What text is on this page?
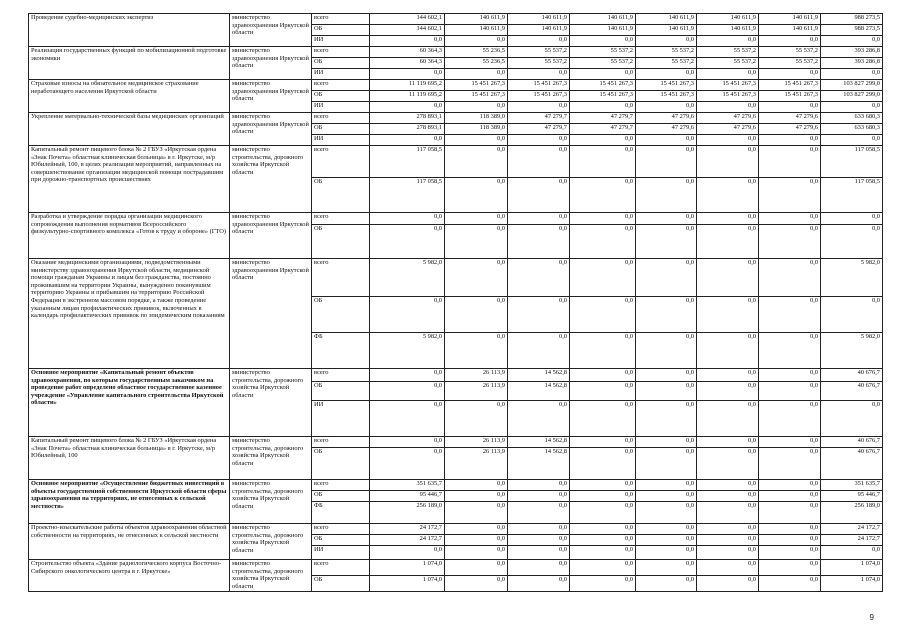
Проведение судебно-медицинских экспертиз	министерство здравоохранения Иркутской области	всего	144 602,1	140 611,9	140 611,9	140 611,9	140 611,9	140 611,9	140 611,9	988 273,5
		ОБ	144 602,1	140 611,9	140 611,9	140 611,9	140 611,9	140 611,9	140 611,9	988 273,5
		ИИ	0,0	0,0	0,0	0,0	0,0	0,0	0,0	0,0
Реализация государственных функций по мобилизационной подготовке экономики	министерство здравоохранения Иркутской области	всего	60 364,3	55 236,5	55 537,2	55 537,2	55 537,2	55 537,2	55 537,2	393 286,8
		ОБ	60 364,3	55 236,5	55 537,2	55 537,2	55 537,2	55 537,2	55 537,2	393 286,8
		ИИ	0,0	0,0	0,0	0,0	0,0	0,0	0,0	0,0
Страховые взносы на обязательное медицинское страхование неработающего населения Иркутской области	министерство здравоохранения Иркутской области	всего	11 119 695,2	15 451 267,3	15 451 267,3	15 451 267,3	15 451 267,3	15 451 267,3	15 451 267,3	103 827 299,0
		ОБ	11 119 695,2	15 451 267,3	15 451 267,3	15 451 267,3	15 451 267,3	15 451 267,3	15 451 267,3	103 827 299,0
		ИИ	0,0	0,0	0,0	0,0	0,0	0,0	0,0	0,0
Укрепление материально-технической базы медицинских организаций	министерство здравоохранения Иркутской области	всего	278 893,1	118 389,0	47 279,7	47 279,7	47 279,6	47 279,6	47 279,6	633 680,3
		ОБ	278 893,1	118 389,0	47 279,7	47 279,7	47 279,6	47 279,6	47 279,6	633 680,3
		ИИ	0,0	0,0	0,0	0,0	0,0	0,0	0,0	0,0
Капитальный ремонт пищевого блока № 2 ГБУЗ «Иркутская ордена «Знак Почета» областная клиническая больница» в г. Иркутске, м/р Юбилейный, 100, в целях реализации мероприятий, направленных на совершенствование организации медицинской помощи пострадавшим при дорожно-транспортных происшествиях	министерство строительства, дорожного хозяйства Иркутской области	всего	117 058,5	0,0	0,0	0,0	0,0	0,0	0,0	117 058,5
		ОБ	117 058,5	0,0	0,0	0,0	0,0	0,0	0,0	117 058,5
Разработка и утверждение порядка организации медицинского сопровождения выполнения нормативов Всероссийского физкультурно-спортивного комплекса «Готов к труду и обороне» (ГТО)	министерство здравоохранения Иркутской области	всего	0,0	0,0	0,0	0,0	0,0	0,0	0,0	0,0
		ОБ	0,0	0,0	0,0	0,0	0,0	0,0	0,0	0,0
Оказание медицинскими организациями, подведомственными министерству здравоохранения Иркутской области, медицинской помощи гражданам Украины и лицам без гражданства, постоянно проживавшим на территории Украины, вынужденно покинувшим территорию Украины и прибывшим на территорию Российской Федерации в экстренном массовом порядке, а также проведение указанным лицам профилактических прививок, включенных в календарь профилактических прививок по эпидемическим показаниям	министерство здравоохранения Иркутской области	всего	5 982,0	0,0	0,0	0,0	0,0	0,0	0,0	5 982,0
		ОБ	0,0	0,0	0,0	0,0	0,0	0,0	0,0	0,0
		ФБ	5 982,0	0,0	0,0	0,0	0,0	0,0	0,0	5 982,0
Основное мероприятие «Капитальный ремонт объектов здравоохранения, по которым государственным заказчиком на проведение работ определено областное государственное казенное учреждение «Управление капитального строительства Иркутской области»	министерство строительства, дорожного хозяйства Иркутской области	всего	0,0	26 113,9	14 562,8	0,0	0,0	0,0	0,0	40 676,7
		ОБ	0,0	26 113,9	14 562,8	0,0	0,0	0,0	0,0	40 676,7
		ИИ	0,0	0,0	0,0	0,0	0,0	0,0	0,0	0,0
Капитальный ремонт пищевого блока № 2 ГБУЗ «Иркутская ордена «Знак Почета» областная клиническая больница» в г. Иркутске, м/р Юбилейный, 100	министерство строительства, дорожного хозяйства Иркутской области	всего	0,0	26 113,9	14 562,8	0,0	0,0	0,0	0,0	40 676,7
		ОБ	0,0	26 113,9	14 562,8	0,0	0,0	0,0	0,0	40 676,7
Основное мероприятие «Осуществление бюджетных инвестиций в объекты государственной собственности Иркутской области сферы здравоохранения на территориях, не отнесенных к сельской местности»	министерство строительства, дорожного хозяйства Иркутской области	всего	351 635,7	0,0	0,0	0,0	0,0	0,0	0,0	351 635,7
		ОБ	95 446,7	0,0	0,0	0,0	0,0	0,0	0,0	95 446,7
		ФБ	256 189,0	0,0	0,0	0,0	0,0	0,0	0,0	256 189,0
Проектно-изыскательские работы объектов здравоохранения областной собственности на территориях, не отнесенных к сельской местности	министерство строительства, дорожного хозяйства Иркутской области	всего	24 172,7	0,0	0,0	0,0	0,0	0,0	0,0	24 172,7
		ОБ	24 172,7	0,0	0,0	0,0	0,0	0,0	0,0	24 172,7
		ИИ	0,0	0,0	0,0	0,0	0,0	0,0	0,0	0,0
Строительство объекта «Здание радиологического корпуса Восточно-Сибирского онкологического центра в г. Иркутске»	министерство строительства, дорожного хозяйства Иркутской области	всего	1 074,0	0,0	0,0	0,0	0,0	0,0	0,0	1 074,0
		ОБ	1 074,0	0,0	0,0	0,0	0,0	0,0	0,0	1 074,0
9
